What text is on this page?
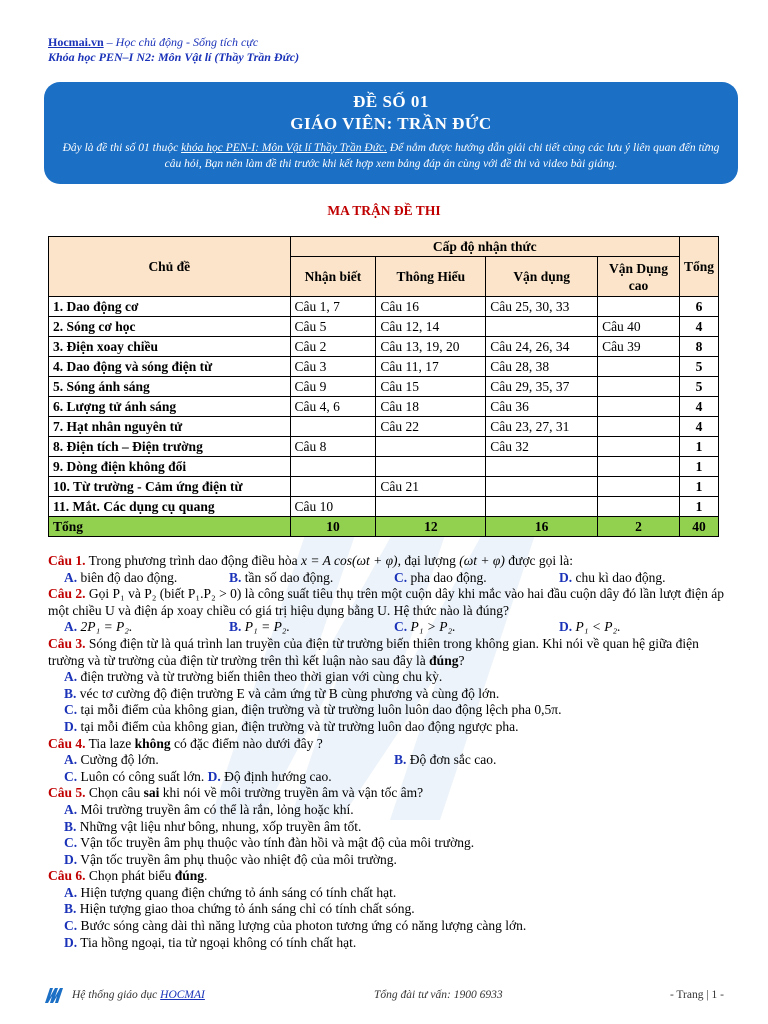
Hocmai.vn – Học chủ động - Sống tích cực
Khóa học PEN–I N2: Môn Vật lí (Thầy Trần Đức)
ĐỀ SỐ 01
GIÁO VIÊN: TRẦN ĐỨC
Đây là đề thi số 01 thuộc khóa học PEN-I: Môn Vật lí Thầy Trần Đức. Để nắm được hướng dẫn giải chi tiết cùng các lưu ý liên quan đến từng câu hỏi, Bạn nên làm đề thi trước khi kết hợp xem bảng đáp án cùng với đề thi và video bài giảng.
MA TRẬN ĐỀ THI
Chủ đề	Cấp độ nhận thức				Tổng
	Nhận biết	Thông Hiểu	Vận dụng	Vận Dụng cao	
1. Dao động cơ	Câu 1, 7	Câu 16	Câu 25, 30, 33		6
2. Sóng cơ học	Câu 5	Câu 12, 14		Câu 40	4
3. Điện xoay chiều	Câu 2	Câu 13, 19, 20	Câu 24, 26, 34	Câu 39	8
4. Dao động và sóng điện từ	Câu 3	Câu 11, 17	Câu 28, 38		5
5. Sóng ánh sáng	Câu 9	Câu 15	Câu 29, 35, 37		5
6. Lượng tử ánh sáng	Câu 4, 6	Câu 18	Câu 36		4
7. Hạt nhân nguyên tử		Câu 22	Câu 23, 27, 31		4
8. Điện tích – Điện trường	Câu 8		Câu 32		1
9. Dòng điện không đổi					1
10. Từ trường - Cảm ứng điện từ		Câu 21			1
11. Mắt. Các dụng cụ quang	Câu 10				1
Tổng	10	12	16	2	40
Câu 1. Trong phương trình dao động điều hòa x = A cos(ωt + φ), đại lượng (ωt + φ) được gọi là:
A. biên độ dao động.	B. tần số dao động.	C. pha dao động.	D. chu kì dao động.
Câu 2. Gọi P₁ và P₂ (biết P₁.P₂ > 0) là công suất tiêu thụ trên một cuộn dây khi mắc vào hai đầu cuộn dây đó lần lượt điện áp một chiều U và điện áp xoay chiều có giá trị hiệu dụng bằng U. Hệ thức nào là đúng?
A. 2P₁ = P₂.	B. P₁ = P₂.	C. P₁ > P₂.	D. P₁ < P₂.
Câu 3. Sóng điện từ là quá trình lan truyền của điện từ trường biến thiên trong không gian. Khi nói về quan hệ giữa điện trường và từ trường của điện từ trường trên thì kết luận nào sau đây là đúng?
A. điện trường và từ trường biến thiên theo thời gian với cùng chu kỳ.
B. véc tơ cường độ điện trường E và cảm ứng từ B cùng phương và cùng độ lớn.
C. tại mỗi điểm của không gian, điện trường và từ trường luôn luôn dao động lệch pha 0,5π.
D. tại mỗi điểm của không gian, điện trường và từ trường luôn dao động ngược pha.
Câu 4. Tia laze không có đặc điểm nào dưới đây ?
A. Cường độ lớn.	B. Độ đơn sắc cao.
C. Luôn có công suất lớn. D. Độ định hướng cao.
Câu 5. Chọn câu sai khi nói về môi trường truyền âm và vận tốc âm?
A. Môi trường truyền âm có thể là rắn, lỏng hoặc khí.
B. Những vật liệu như bông, nhung, xốp truyền âm tốt.
C. Vận tốc truyền âm phụ thuộc vào tính đàn hồi và mật độ của môi trường.
D. Vận tốc truyền âm phụ thuộc vào nhiệt độ của môi trường.
Câu 6. Chọn phát biểu đúng.
A. Hiện tượng quang điện chứng tỏ ánh sáng có tính chất hạt.
B. Hiện tượng giao thoa chứng tỏ ánh sáng chỉ có tính chất sóng.
C. Bước sóng càng dài thì năng lượng của photon tương ứng có năng lượng càng lớn.
D. Tia hồng ngoại, tia tử ngoại không có tính chất hạt.
Hệ thống giáo dục HOCMAI	Tổng đài tư vấn: 1900 6933	- Trang | 1 -
